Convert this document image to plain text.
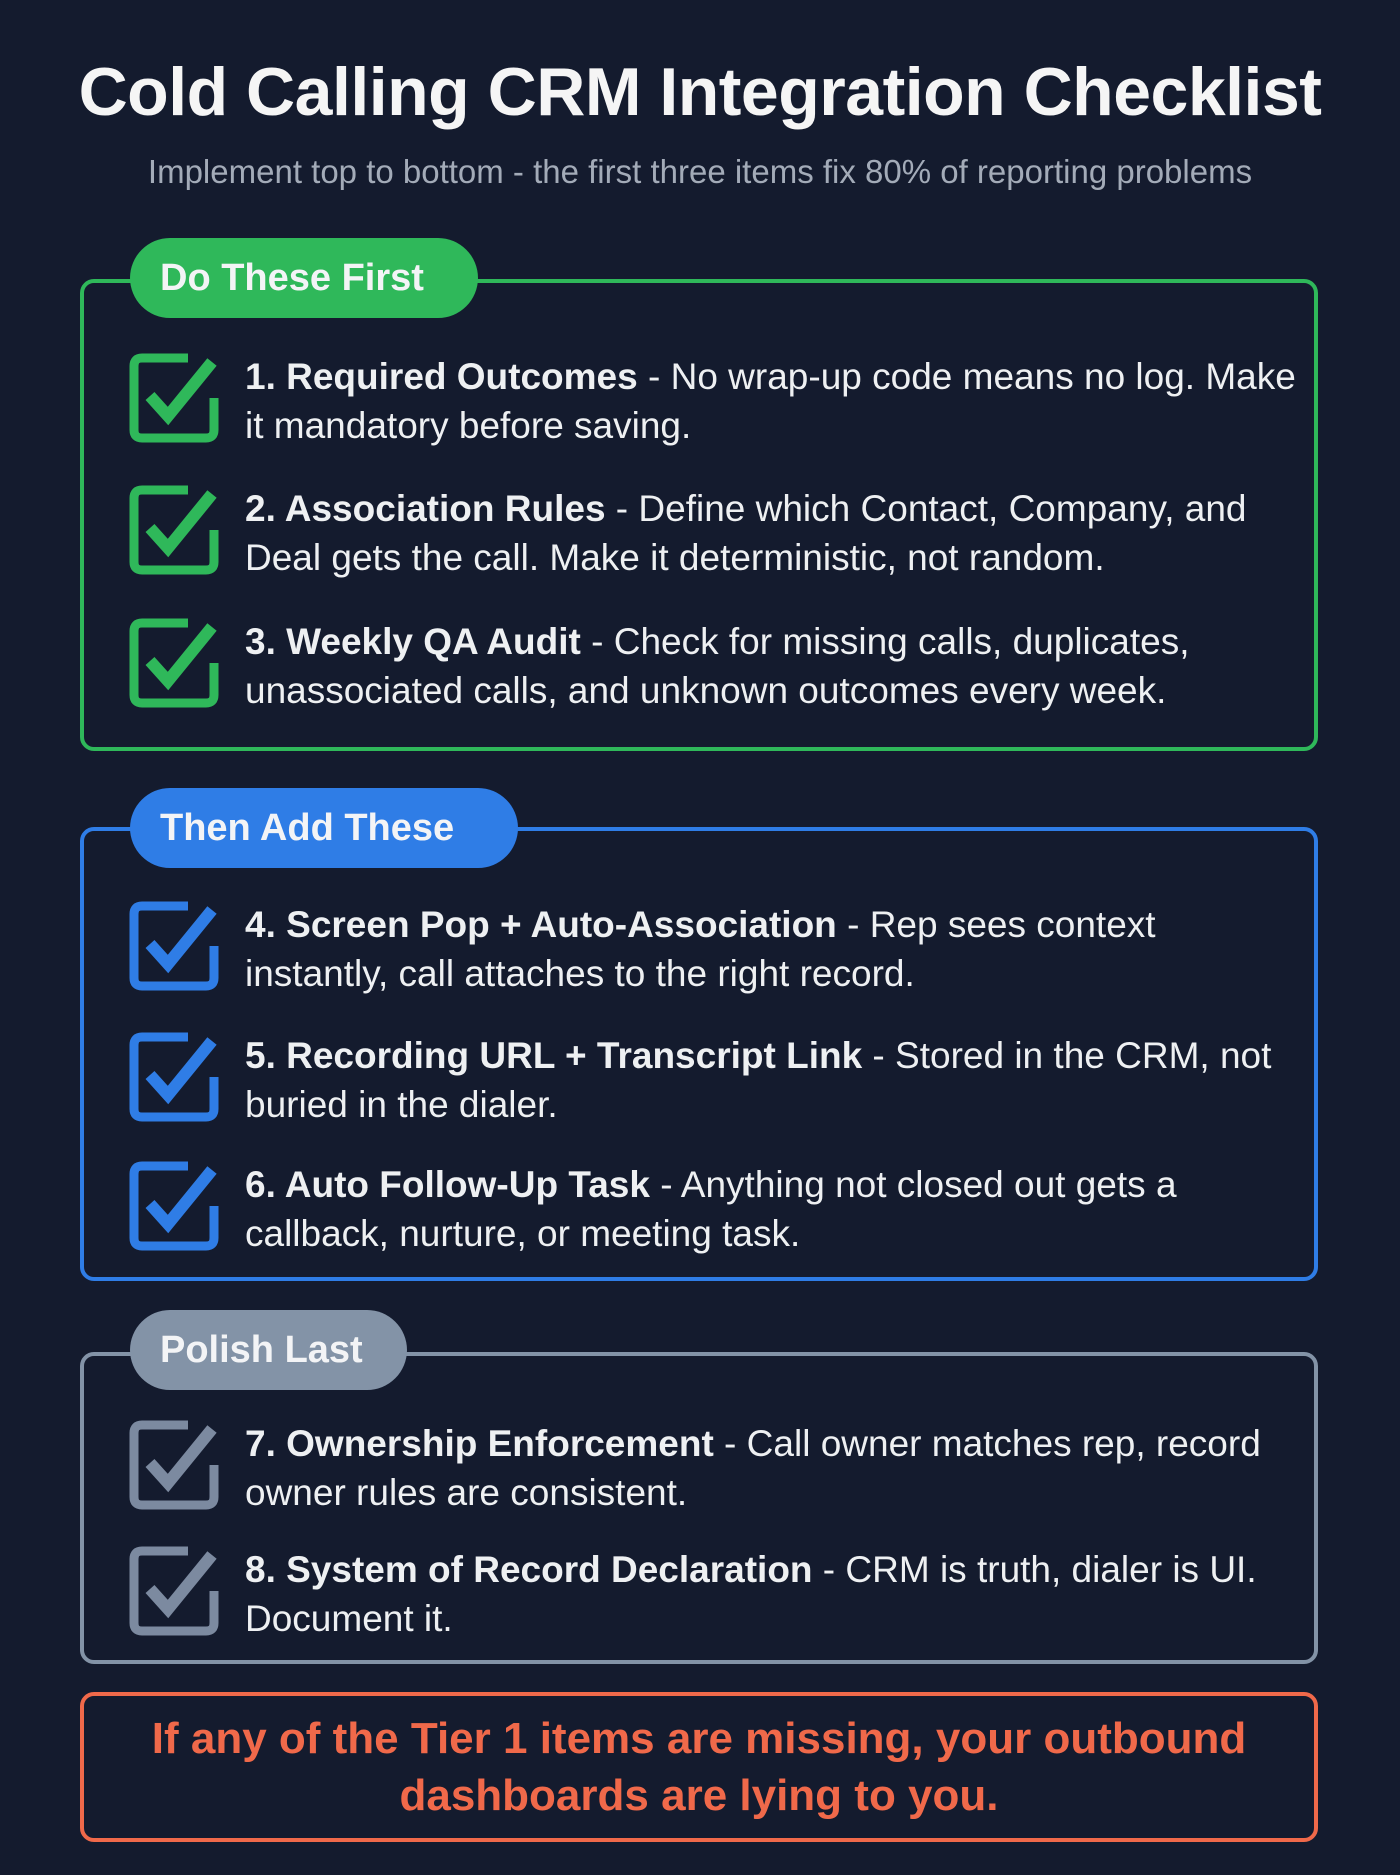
Cold Calling CRM Integration Checklist
Implement top to bottom - the first three items fix 80% of reporting problems
Do These First
1. Required Outcomes - No wrap-up code means no log. Make it mandatory before saving.
2. Association Rules - Define which Contact, Company, and Deal gets the call. Make it deterministic, not random.
3. Weekly QA Audit - Check for missing calls, duplicates, unassociated calls, and unknown outcomes every week.
Then Add These
4. Screen Pop + Auto-Association - Rep sees context instantly, call attaches to the right record.
5. Recording URL + Transcript Link - Stored in the CRM, not buried in the dialer.
6. Auto Follow-Up Task - Anything not closed out gets a callback, nurture, or meeting task.
Polish Last
7. Ownership Enforcement - Call owner matches rep, record owner rules are consistent.
8. System of Record Declaration - CRM is truth, dialer is UI. Document it.
If any of the Tier 1 items are missing, your outbound dashboards are lying to you.
